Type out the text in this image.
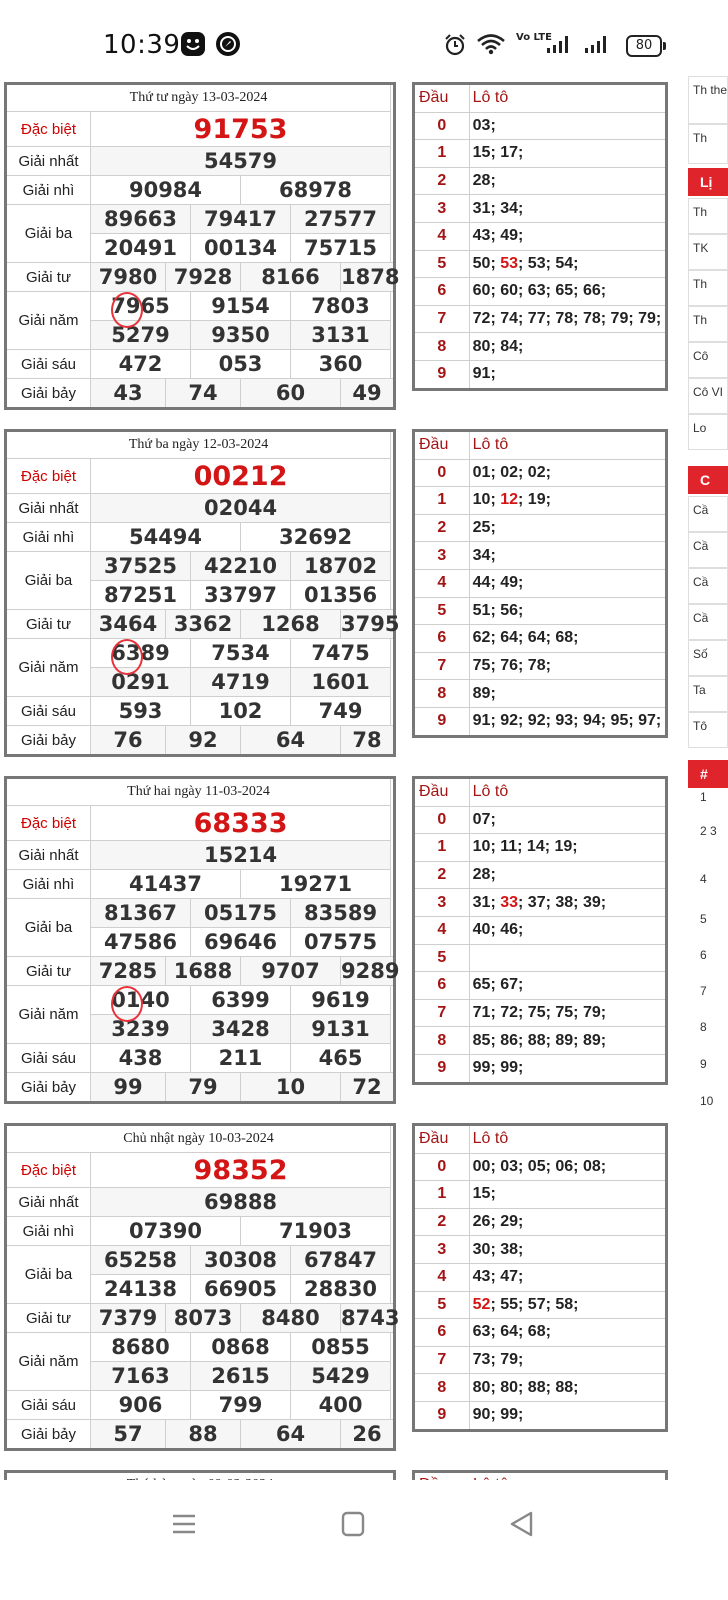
10:39	Vo LTE
80
Thứ tư ngày 13-03-2024						
Đặc biệt	91753					
Giải nhất	54579					
Giải nhì	90984			68978		
Giải ba	89663		79417		27577	
	20491		00134		75715	
Giải tư	7980	7928		8166		1878
Giải năm	7965		9154		7803	
	5279		9350		3131	
Giải sáu	472		053		360	
Giải bảy	43	74		60		49
Đầu	Lô tô
0	03;
1	15; 17;
2	28;
3	31; 34;
4	43; 49;
5	50; 53; 53; 54;
6	60; 60; 63; 65; 66;
7	72; 74; 77; 78; 78; 79; 79;
8	80; 84;
9	91;
Thứ ba ngày 12-03-2024						
Đặc biệt	00212					
Giải nhất	02044					
Giải nhì	54494			32692		
Giải ba	37525		42210		18702	
	87251		33797		01356	
Giải tư	3464	3362		1268		3795
Giải năm	6389		7534		7475	
	0291		4719		1601	
Giải sáu	593		102		749	
Giải bảy	76	92		64		78
Đầu	Lô tô
0	01; 02; 02;
1	10; 12; 19;
2	25;
3	34;
4	44; 49;
5	51; 56;
6	62; 64; 64; 68;
7	75; 76; 78;
8	89;
9	91; 92; 92; 93; 94; 95; 97;
Thứ hai ngày 11-03-2024						
Đặc biệt	68333					
Giải nhất	15214					
Giải nhì	41437			19271		
Giải ba	81367		05175		83589	
	47586		69646		07575	
Giải tư	7285	1688		9707		9289
Giải năm	0140		6399		9619	
	3239		3428		9131	
Giải sáu	438		211		465	
Giải bảy	99	79		10		72
Đầu	Lô tô
0	07;
1	10; 11; 14; 19;
2	28;
3	31; 33; 37; 38; 39;
4	40; 46;
5	
6	65; 67;
7	71; 72; 75; 75; 79;
8	85; 86; 88; 89; 89;
9	99; 99;
Chủ nhật ngày 10-03-2024						
Đặc biệt	98352					
Giải nhất	69888					
Giải nhì	07390			71903		
Giải ba	65258		30308		67847	
	24138		66905		28830	
Giải tư	7379	8073		8480		8743
Giải năm	8680		0868		0855	
	7163		2615		5429	
Giải sáu	906		799		400	
Giải bảy	57	88		64		26
Đầu	Lô tô
0	00; 03; 05; 06; 08;
1	15;
2	26; 29;
3	30; 38;
4	43; 47;
5	52; 55; 57; 58;
6	63; 64; 68;
7	73; 79;
8	80; 80; 88; 88;
9	90; 99;
Th the
Th
Lị
Th
TK
Th
Th
Cô
Cô VI
Lo
C
Cầ
Cầ
Cầ
Cầ
Số
Ta
Tô
#
1
2 3
4
5
6
7
8
9
10
